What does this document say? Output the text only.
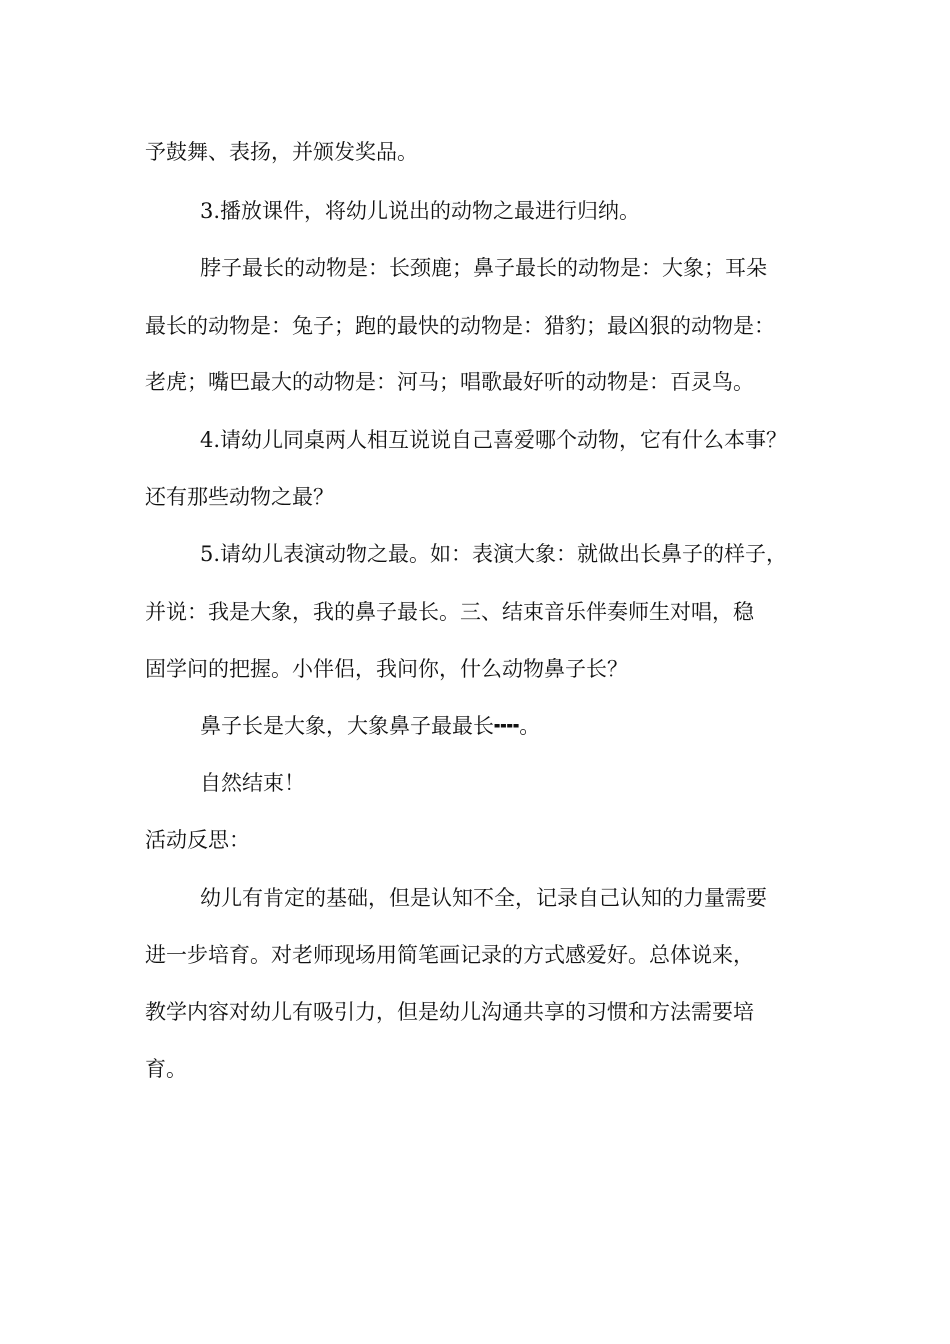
予鼓舞、表扬，并颁发奖品。

3.播放课件，将幼儿说出的动物之最进行归纳。

脖子最长的动物是：长颈鹿；鼻子最长的动物是：大象；耳朵

最长的动物是：兔子；跑的最快的动物是：猎豹；最凶狠的动物是：

老虎；嘴巴最大的动物是：河马；唱歌最好听的动物是：百灵鸟。

4.请幼儿同桌两人相互说说自己喜爱哪个动物，它有什么本事？

还有那些动物之最？

5.请幼儿表演动物之最。如：表演大象：就做出长鼻子的样子，

并说：我是大象，我的鼻子最长。三、结束音乐伴奏师生对唱，稳

固学问的把握。小伴侣，我问你，什么动物鼻子长？

鼻子长是大象，大象鼻子最最长╍╍。

自然结束！

活动反思：

幼儿有肯定的基础，但是认知不全，记录自己认知的力量需要

进一步培育。对老师现场用简笔画记录的方式感爱好。总体说来，

教学内容对幼儿有吸引力，但是幼儿沟通共享的习惯和方法需要培

育。
